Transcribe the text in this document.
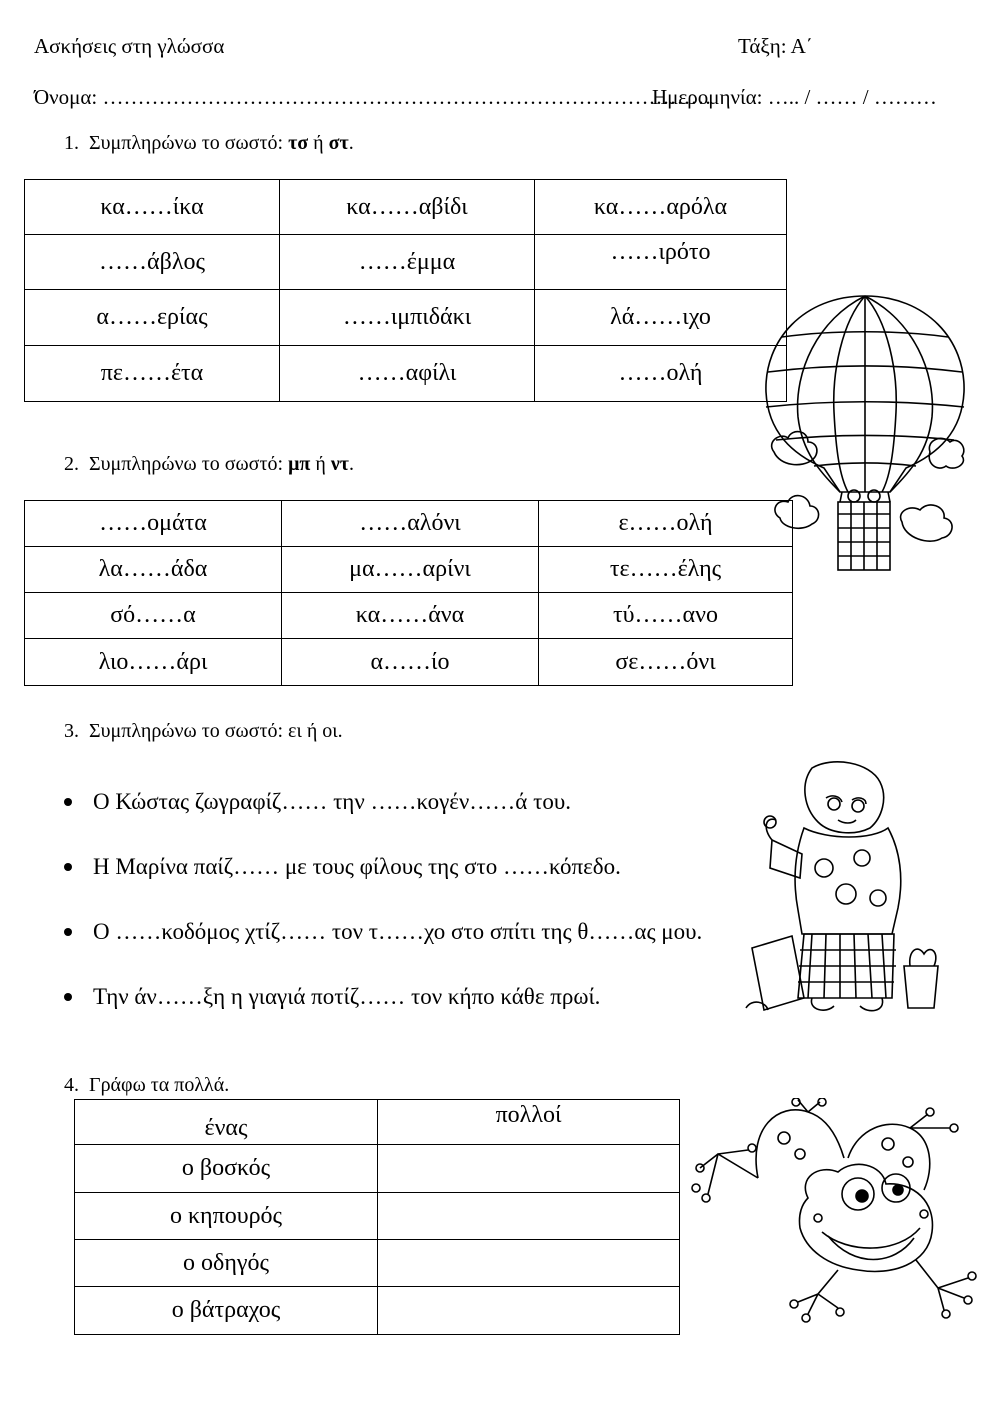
Ασκήσεις στη γλώσσα	Τάξη: Α΄
Όνομα: ……………………………………………………………………………
Ημερομηνία: ….. / …… / ………
1. Συμπληρώνω το σωστό: τσ ή στ.
κα……ίκα	κα……αβίδι	κα……αρόλα
……άβλος	……έμμα	……ιρότο
α……ερίας	……ιμπιδάκι	λά……ιχο
πε……έτα	……αφίλι	……ολή
2. Συμπληρώνω το σωστό: μπ ή ντ.
……ομάτα	……αλόνι	ε……ολή
λα……άδα	μα……αρίνι	τε……έλης
σό……α	κα……άνα	τύ……ανο
λιο……άρι	α……ίο	σε……όνι
3. Συμπληρώνω το σωστό: ει ή οι.
Ο Κώστας ζωγραφίζ…… την ……κογέν……ά του.
Η Μαρίνα παίζ…… με τους φίλους της στο ……κόπεδο.
Ο ……κοδόμος χτίζ…… τον τ……χο στο σπίτι της θ……ας μου.
Την άν……ξη η γιαγιά ποτίζ…… τον κήπο κάθε πρωί.
4. Γράφω τα πολλά.
ένας	πολλοί
ο βοσκός	
ο κηπουρός	
ο οδηγός	
ο βάτραχος	
